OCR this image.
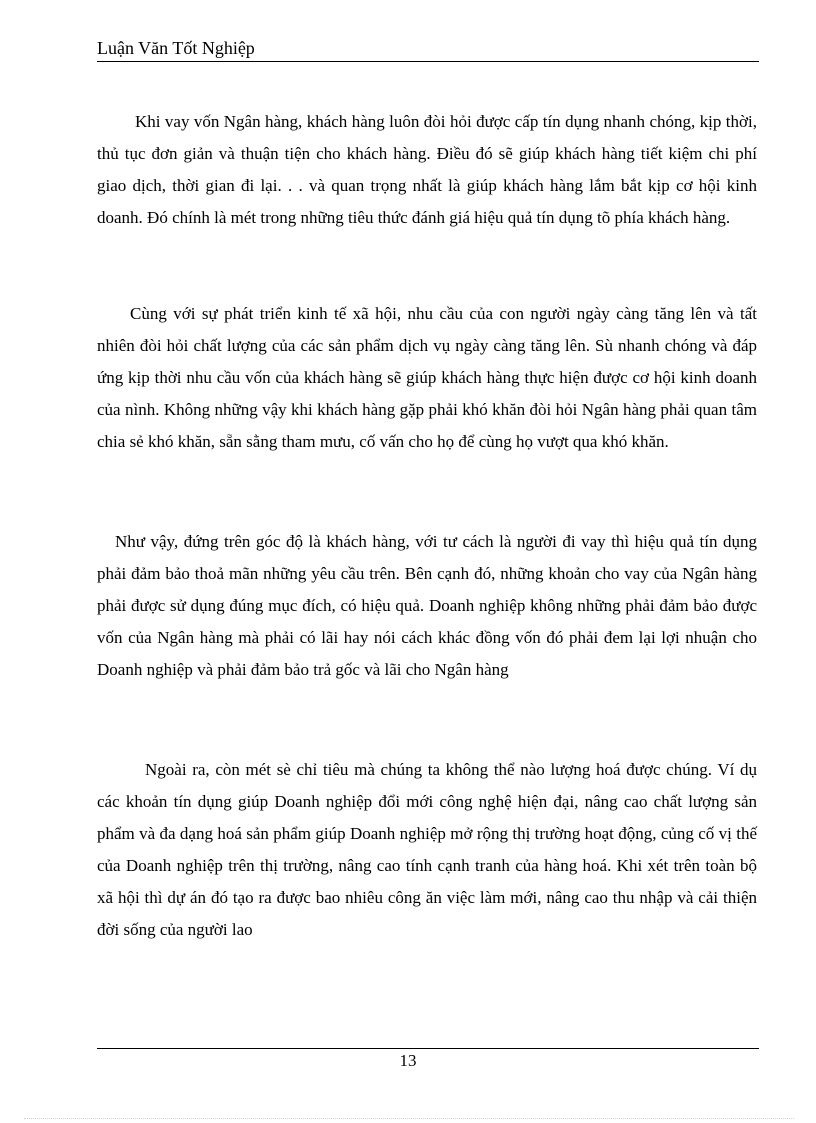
Luận Văn Tốt Nghiệp

Khi vay vốn Ngân hàng, khách hàng luôn đòi hỏi được cấp tín dụng nhanh chóng, kịp thời, thủ tục đơn giản và thuận tiện cho khách hàng. Điều đó sẽ giúp khách hàng tiết kiệm chi phí giao dịch, thời gian đi lại. . . và quan trọng nhất là giúp khách hàng lắm bắt kịp cơ hội kinh doanh. Đó chính là mét trong những tiêu thức đánh giá hiệu quả tín dụng tõ phía khách hàng.

Cùng với sự phát triển kinh tế xã hội, nhu cầu của con người ngày càng tăng lên và tất nhiên đòi hỏi chất lượng của các sản phẩm dịch vụ ngày càng tăng lên. Sù nhanh chóng và đáp ứng kịp thời nhu cầu vốn của khách hàng sẽ giúp khách hàng thực hiện được cơ hội kinh doanh của nình. Không những vậy khi khách hàng gặp phải khó khăn đòi hỏi Ngân hàng phải quan tâm chia sẻ khó khăn, sẵn sằng tham mưu, cố vấn cho họ để cùng họ vượt qua khó khăn.

Như vậy, đứng trên góc độ là khách hàng, với tư cách là người đi vay thì hiệu quả tín dụng phải đảm bảo thoả mãn những yêu cầu trên. Bên cạnh đó, những khoản cho vay của Ngân hàng phải được sử dụng đúng mục đích, có hiệu quả. Doanh nghiệp không những phải đảm bảo được vốn của Ngân hàng mà phải có lãi hay nói cách khác đồng vốn đó phải đem lại lợi nhuận cho Doanh nghiệp và phải đảm bảo trả gốc và lãi cho Ngân hàng

Ngoài ra, còn mét sè chỉ tiêu mà chúng ta không thể nào lượng hoá được chúng. Ví dụ các khoản tín dụng giúp Doanh nghiệp đổi mới công nghệ hiện đại, nâng cao chất lượng sản phẩm và đa dạng hoá sản phẩm giúp Doanh nghiệp mở rộng thị trường hoạt động, củng cố vị thế của Doanh nghiệp trên thị trường, nâng cao tính cạnh tranh của hàng hoá. Khi xét trên toàn bộ xã hội thì dự án đó tạo ra được bao nhiêu công ăn việc làm mới, nâng cao thu nhập và cải thiện đời sống của người lao

13
